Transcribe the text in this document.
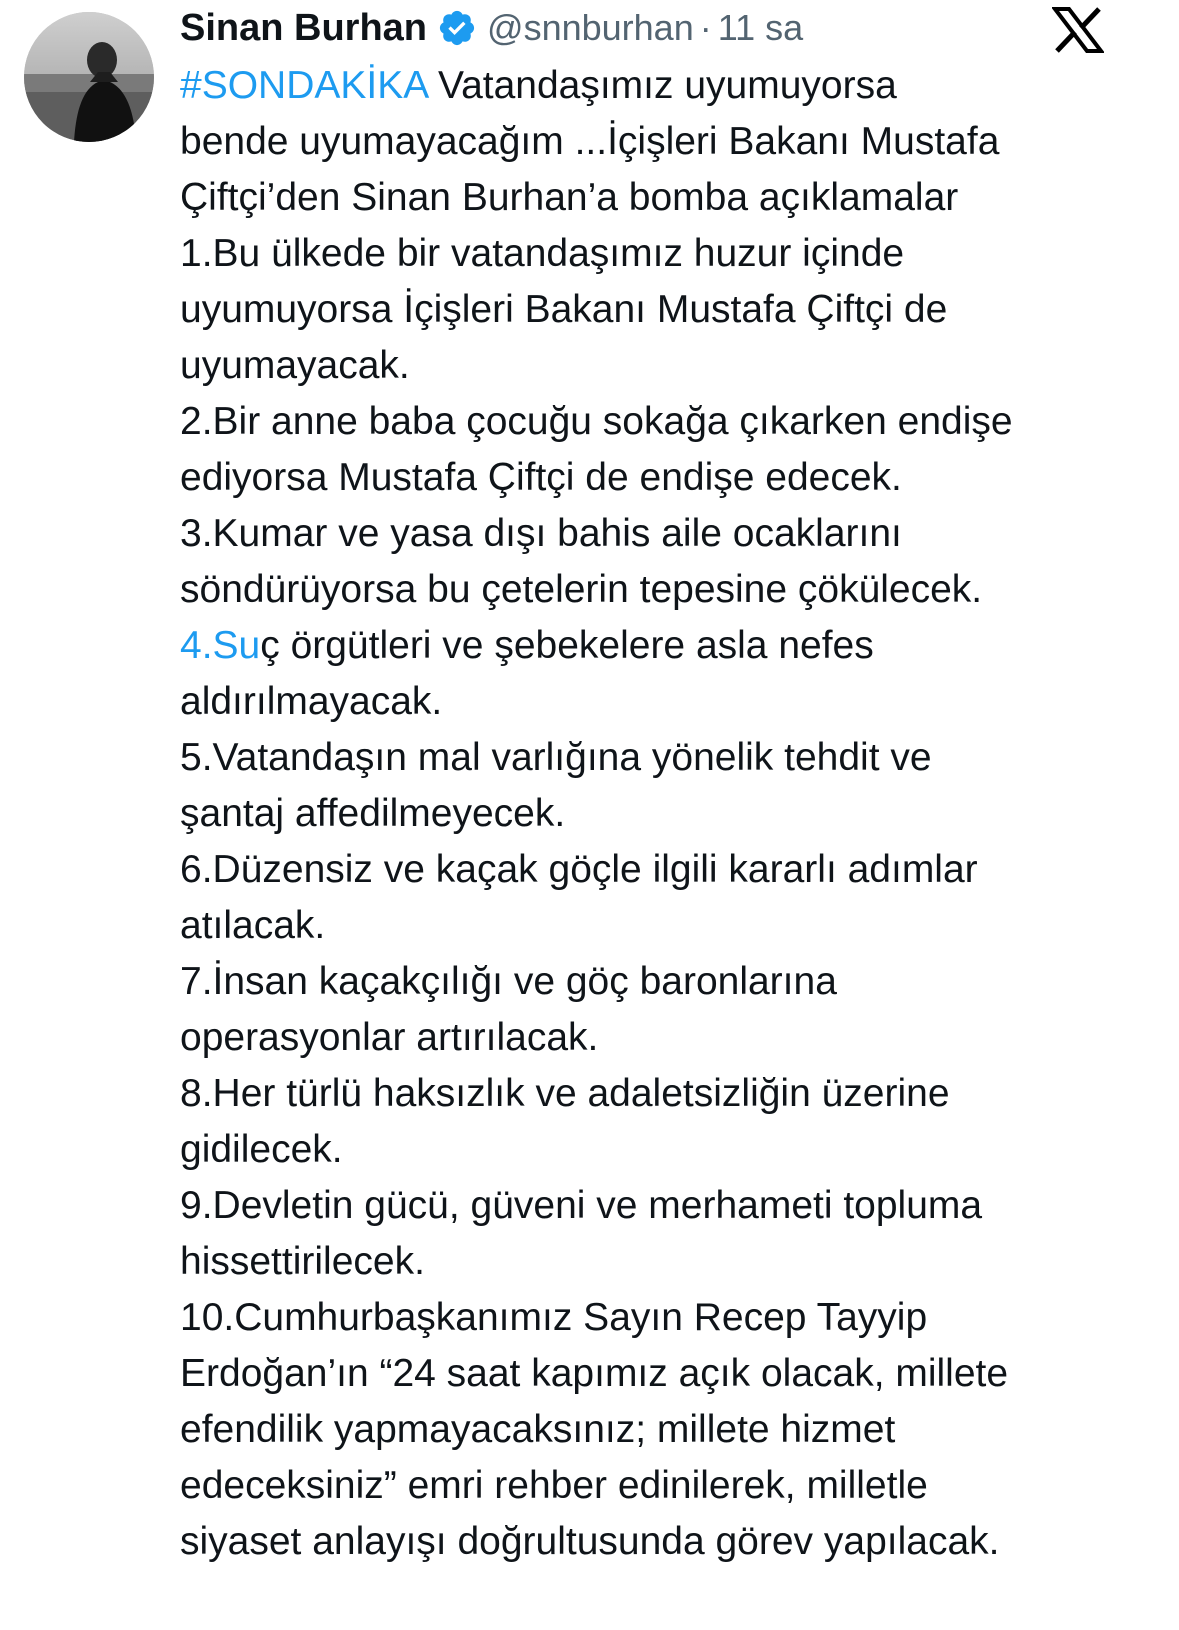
Sinan Burhan @snnburhan · 11 sa
#SONDAKİKA Vatandaşımız uyumuyorsa
bende uyumayacağım ...İçişleri Bakanı Mustafa
Çiftçi’den Sinan Burhan’a bomba açıklamalar
1.Bu ülkede bir vatandaşımız huzur içinde
uyumuyorsa İçişleri Bakanı Mustafa Çiftçi de
uyumayacak.
2.Bir anne baba çocuğu sokağa çıkarken endişe
ediyorsa Mustafa Çiftçi de endişe edecek.
3.Kumar ve yasa dışı bahis aile ocaklarını
söndürüyorsa bu çetelerin tepesine çökülecek.
4.Suç örgütleri ve şebekelere asla nefes
aldırılmayacak.
5.Vatandaşın mal varlığına yönelik tehdit ve
şantaj affedilmeyecek.
6.Düzensiz ve kaçak göçle ilgili kararlı adımlar
atılacak.
7.İnsan kaçakçılığı ve göç baronlarına
operasyonlar artırılacak.
8.Her türlü haksızlık ve adaletsizliğin üzerine
gidilecek.
9.Devletin gücü, güveni ve merhameti topluma
hissettirilecek.
10.Cumhurbaşkanımız Sayın Recep Tayyip
Erdoğan’ın “24 saat kapımız açık olacak, millete
efendilik yapmayacaksınız; millete hizmet
edeceksiniz” emri rehber edinilerek, milletle
siyaset anlayışı doğrultusunda görev yapılacak.
